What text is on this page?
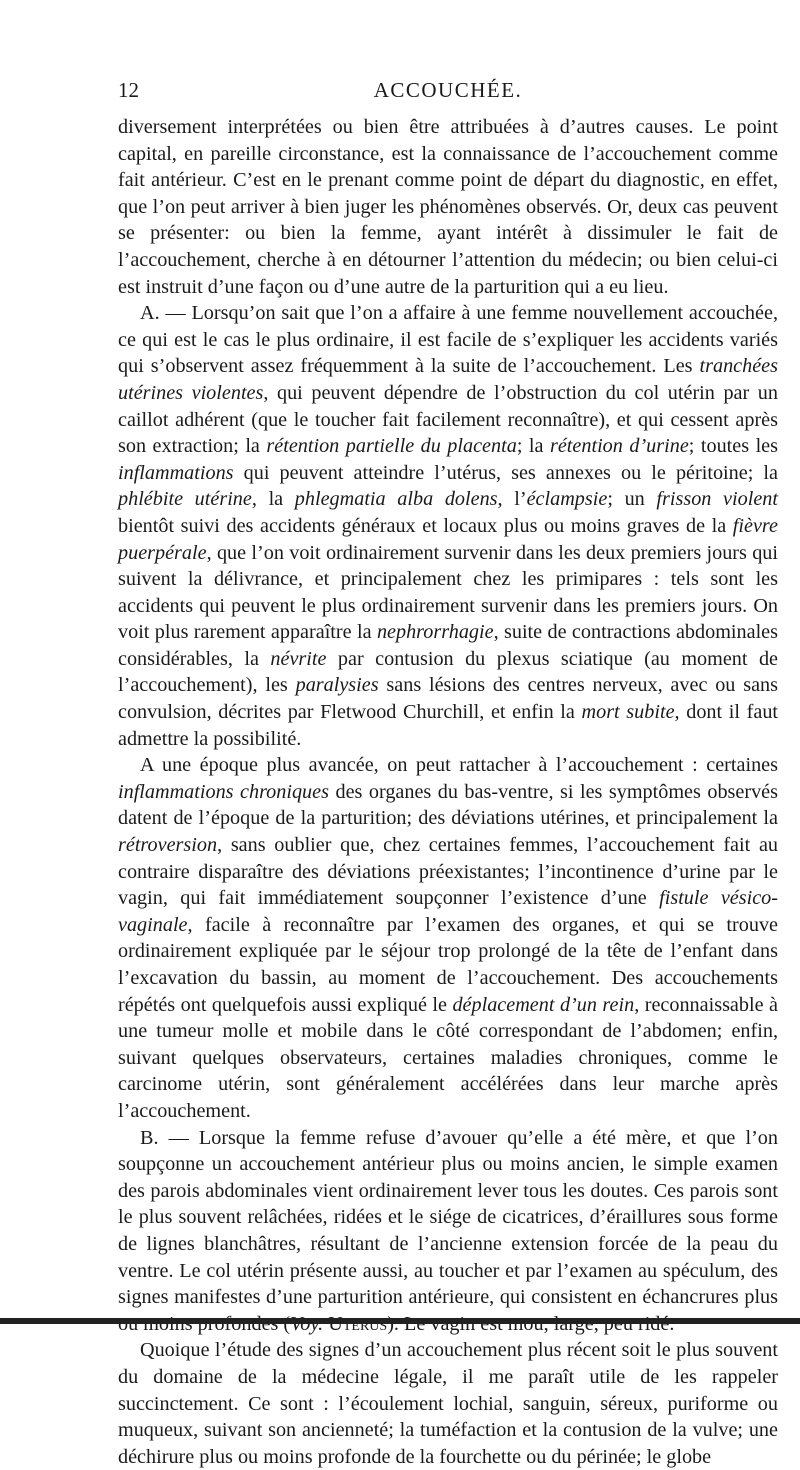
12	ACCOUCHÉE.

diversement interprétées ou bien être attribuées à d’autres causes. Le point capital, en pareille circonstance, est la connaissance de l’accouchement comme fait antérieur. C’est en le prenant comme point de départ du diagnostic, en effet, que l’on peut arriver à bien juger les phénomènes observés. Or, deux cas peuvent se présenter: ou bien la femme, ayant intérêt à dissimuler le fait de l’accouchement, cherche à en détourner l’attention du médecin; ou bien celui-ci est instruit d’une façon ou d’une autre de la parturition qui a eu lieu.

A. — Lorsqu’on sait que l’on a affaire à une femme nouvellement accouchée, ce qui est le cas le plus ordinaire, il est facile de s’expliquer les accidents variés qui s’observent assez fréquemment à la suite de l’accouchement. Les tranchées utérines violentes, qui peuvent dépendre de l’obstruction du col utérin par un caillot adhérent (que le toucher fait facilement reconnaître), et qui cessent après son extraction; la rétention partielle du placenta; la rétention d’urine; toutes les inflammations qui peuvent atteindre l’utérus, ses annexes ou le péritoine; la phlébite utérine, la phlegmatia alba dolens, l’éclampsie; un frisson violent bientôt suivi des accidents généraux et locaux plus ou moins graves de la fièvre puerpérale, que l’on voit ordinairement survenir dans les deux premiers jours qui suivent la délivrance, et principalement chez les primipares : tels sont les accidents qui peuvent le plus ordinairement survenir dans les premiers jours. On voit plus rarement apparaître la nephrorrhagie, suite de contractions abdominales considérables, la névrite par contusion du plexus sciatique (au moment de l’accouchement), les paralysies sans lésions des centres nerveux, avec ou sans convulsion, décrites par Fletwood Churchill, et enfin la mort subite, dont il faut admettre la possibilité.

A une époque plus avancée, on peut rattacher à l’accouchement : certaines inflammations chroniques des organes du bas-ventre, si les symptômes observés datent de l’époque de la parturition; des déviations utérines, et principalement la rétroversion, sans oublier que, chez certaines femmes, l’accouchement fait au contraire disparaître des déviations préexistantes; l’incontinence d’urine par le vagin, qui fait immédiatement soupçonner l’existence d’une fistule vésico-vaginale, facile à reconnaître par l’examen des organes, et qui se trouve ordinairement expliquée par le séjour trop prolongé de la tête de l’enfant dans l’excavation du bassin, au moment de l’accouchement. Des accouchements répétés ont quelquefois aussi expliqué le déplacement d’un rein, reconnaissable à une tumeur molle et mobile dans le côté correspondant de l’abdomen; enfin, suivant quelques observateurs, certaines maladies chroniques, comme le carcinome utérin, sont généralement accélérées dans leur marche après l’accouchement.

B. — Lorsque la femme refuse d’avouer qu’elle a été mère, et que l’on soupçonne un accouchement antérieur plus ou moins ancien, le simple examen des parois abdominales vient ordinairement lever tous les doutes. Ces parois sont le plus souvent relâchées, ridées et le siége de cicatrices, d’éraillures sous forme de lignes blanchâtres, résultant de l’ancienne extension forcée de la peau du ventre. Le col utérin présente aussi, au toucher et par l’examen au spéculum, des signes manifestes d’une parturition antérieure, qui consistent en échancrures plus

Quoique l’étude des signes d’un accouchement plus récent soit le plus souvent du domaine de la médecine légale, il me paraît utile de les rappeler succinctement. Ce sont : l’écoulement lochial, sanguin, séreux, puriforme ou muqueux, suivant son ancienneté; la tuméfaction et la contusion de la vulve; une déchirure plus ou moins profonde de la fourchette ou du périnée; le globe
